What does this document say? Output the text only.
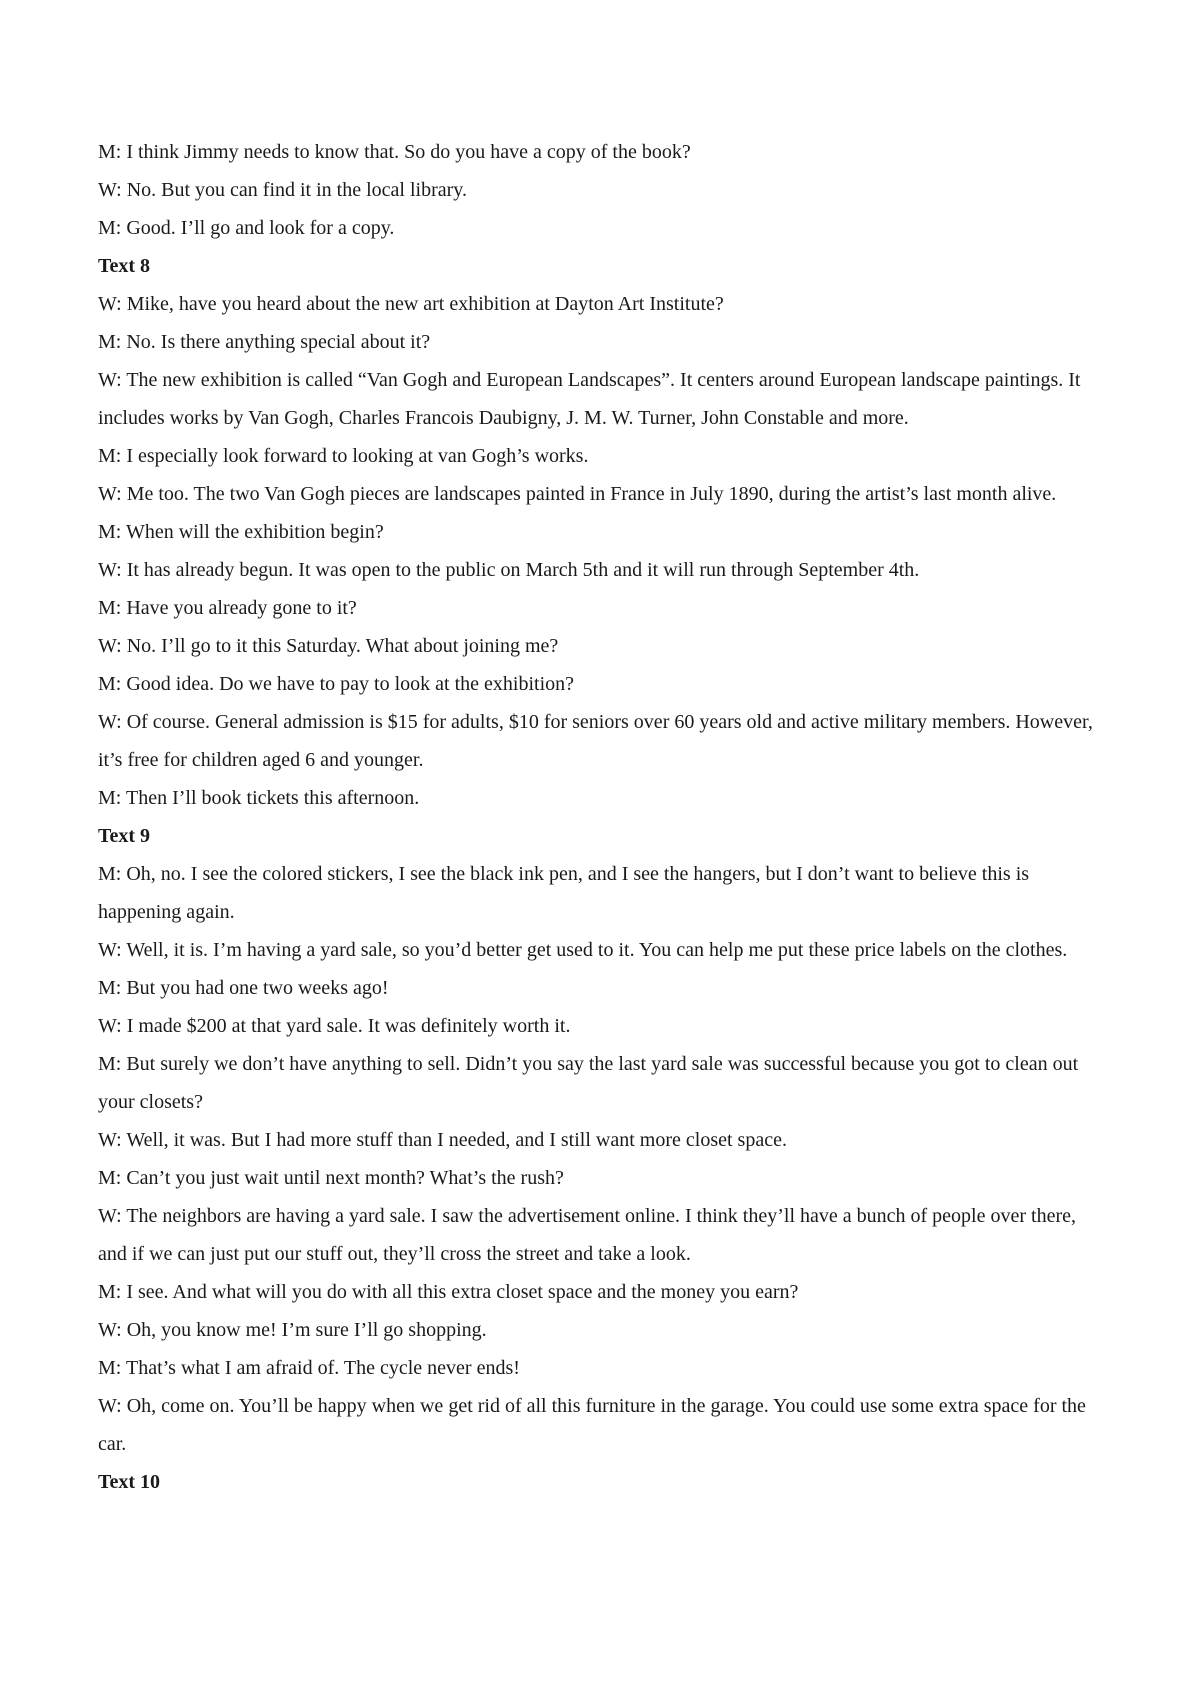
M: I think Jimmy needs to know that. So do you have a copy of the book?

W: No. But you can find it in the local library.

M: Good. I’ll go and look for a copy.

Text 8

W: Mike, have you heard about the new art exhibition at Dayton Art Institute?

M: No. Is there anything special about it?

W: The new exhibition is called “Van Gogh and European Landscapes”. It centers around European landscape paintings. It includes works by Van Gogh, Charles Francois Daubigny, J. M. W. Turner, John Constable and more.

M: I especially look forward to looking at van Gogh’s works.

W: Me too. The two Van Gogh pieces are landscapes painted in France in July 1890, during the artist’s last month alive.

M: When will the exhibition begin?

W: It has already begun. It was open to the public on March 5th and it will run through September 4th.

M: Have you already gone to it?

W: No. I’ll go to it this Saturday. What about joining me?

M: Good idea. Do we have to pay to look at the exhibition?

W: Of course. General admission is $15 for adults, $10 for seniors over 60 years old and active military members. However, it’s free for children aged 6 and younger.

M: Then I’ll book tickets this afternoon.

Text 9

M: Oh, no. I see the colored stickers, I see the black ink pen, and I see the hangers, but I don’t want to believe this is happening again.

W: Well, it is. I’m having a yard sale, so you’d better get used to it. You can help me put these price labels on the clothes.

M: But you had one two weeks ago!

W: I made $200 at that yard sale. It was definitely worth it.

M: But surely we don’t have anything to sell. Didn’t you say the last yard sale was successful because you got to clean out your closets?

W: Well, it was. But I had more stuff than I needed, and I still want more closet space.

M: Can’t you just wait until next month? What’s the rush?

W: The neighbors are having a yard sale. I saw the advertisement online. I think they’ll have a bunch of people over there, and if we can just put our stuff out, they’ll cross the street and take a look.

M: I see. And what will you do with all this extra closet space and the money you earn?

W: Oh, you know me! I’m sure I’ll go shopping.

M: That’s what I am afraid of. The cycle never ends!

W: Oh, come on. You’ll be happy when we get rid of all this furniture in the garage. You could use some extra space for the car.

Text 10
